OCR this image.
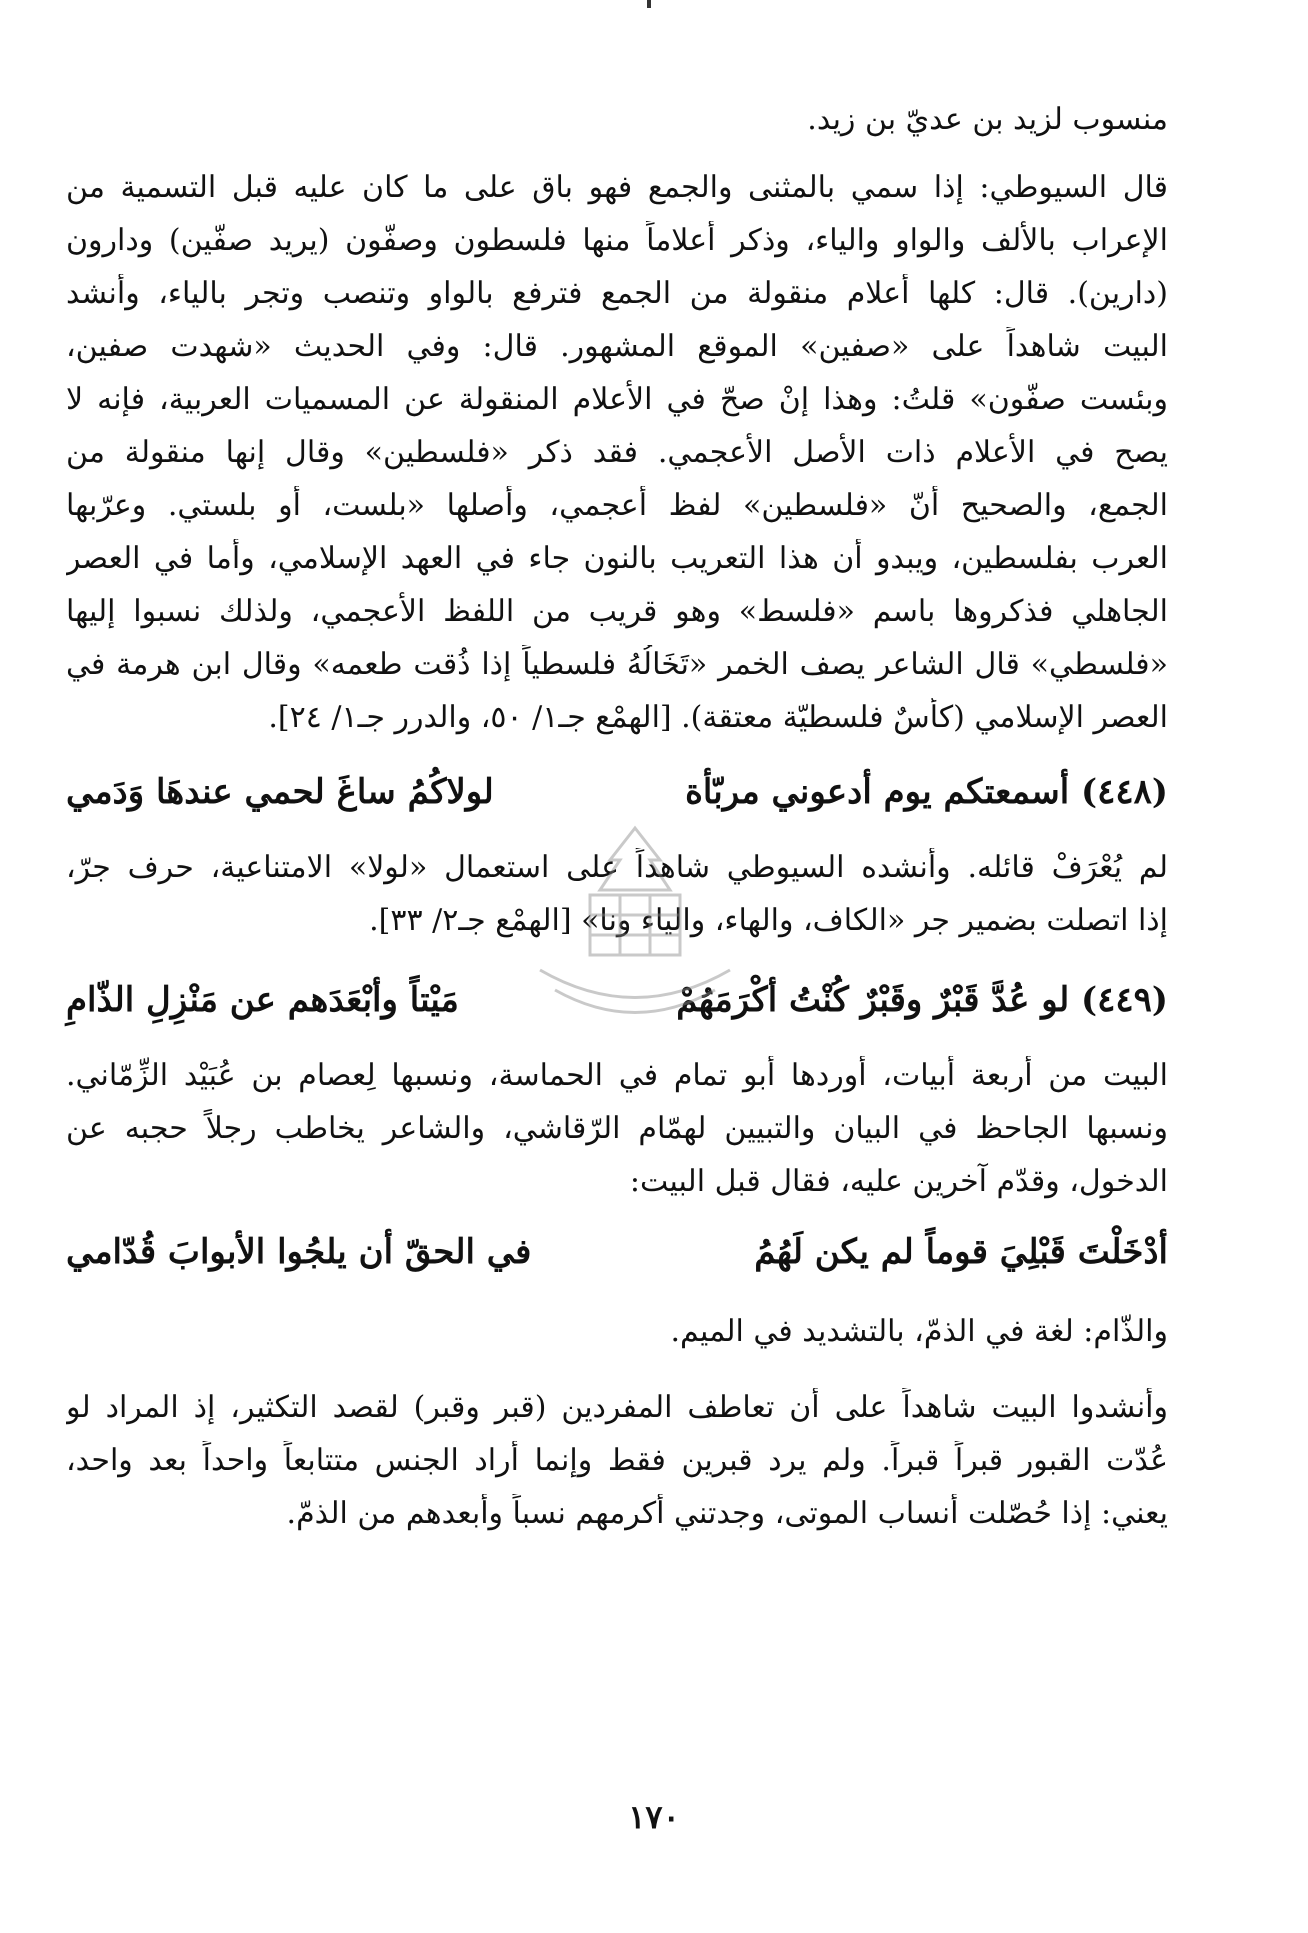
منسوب لزيد بن عديّ بن زيد.
قال السيوطي: إذا سمي بالمثنى والجمع فهو باق على ما كان عليه قبل التسمية من
الإعراب بالألف والواو والياء، وذكر أعلاماً منها فلسطون وصفّون (يريد صفّين) ودارون
(دارين). قال: كلها أعلام منقولة من الجمع فترفع بالواو وتنصب وتجر بالياء، وأنشد
البيت شاهداً على «صفين» الموقع المشهور. قال: وفي الحديث «شهدت صفين،
وبئست صفّون» قلتُ: وهذا إنْ صحّ في الأعلام المنقولة عن المسميات العربية، فإنه لا
يصح في الأعلام ذات الأصل الأعجمي. فقد ذكر «فلسطين» وقال إنها منقولة من
الجمع، والصحيح أنّ «فلسطين» لفظ أعجمي، وأصلها «بلست، أو بلستي. وعرّبها
العرب بفلسطين، ويبدو أن هذا التعريب بالنون جاء في العهد الإسلامي، وأما في العصر
الجاهلي فذكروها باسم «فلسط» وهو قريب من اللفظ الأعجمي، ولذلك نسبوا إليها
«فلسطي» قال الشاعر يصف الخمر «تَخَالُهُ فلسطياً إذا ذُقت طعمه» وقال ابن هرمة في
العصر الإسلامي (كأسٌ فلسطيّة معتقة). [الهمْع جـ١/ ٥٠، والدرر جـ١/ ٢٤].
(٤٤٨) أسمعتكم يوم أدعوني مربّأة
لولاكُمُ ساغَ لحمي عندهَا وَدَمي
لم يُعْرَفْ قائله. وأنشده السيوطي شاهداً على استعمال «لولا» الامتناعية، حرف جرّ،
إذا اتصلت بضمير جر «الكاف، والهاء، والياء ونا» [الهمْع جـ٢/ ٣٣].
(٤٤٩) لو عُدَّ قَبْرٌ وقَبْرٌ كُنْتُ أكْرَمَهُمْ
مَيْتاً وأبْعَدَهم عن مَنْزِلِ الذّامِ
البيت من أربعة أبيات، أوردها أبو تمام في الحماسة، ونسبها لِعصام بن عُبَيْد الزِّمّاني.
ونسبها الجاحظ في البيان والتبيين لهمّام الرّقاشي، والشاعر يخاطب رجلاً حجبه عن
الدخول، وقدّم آخرين عليه، فقال قبل البيت:
أدْخَلْتَ قَبْلِيَ قوماً لم يكن لَهُمُ
في الحقّ أن يلجُوا الأبوابَ قُدّامي
والذّام: لغة في الذمّ، بالتشديد في الميم.
وأنشدوا البيت شاهداً على أن تعاطف المفردين (قبر وقبر) لقصد التكثير، إذ المراد لو
عُدّت القبور قبراً قبراً. ولم يرد قبرين فقط وإنما أراد الجنس متتابعاً واحداً بعد واحد،
يعني: إذا حُصّلت أنساب الموتى، وجدتني أكرمهم نسباً وأبعدهم من الذمّ.
١٧٠
